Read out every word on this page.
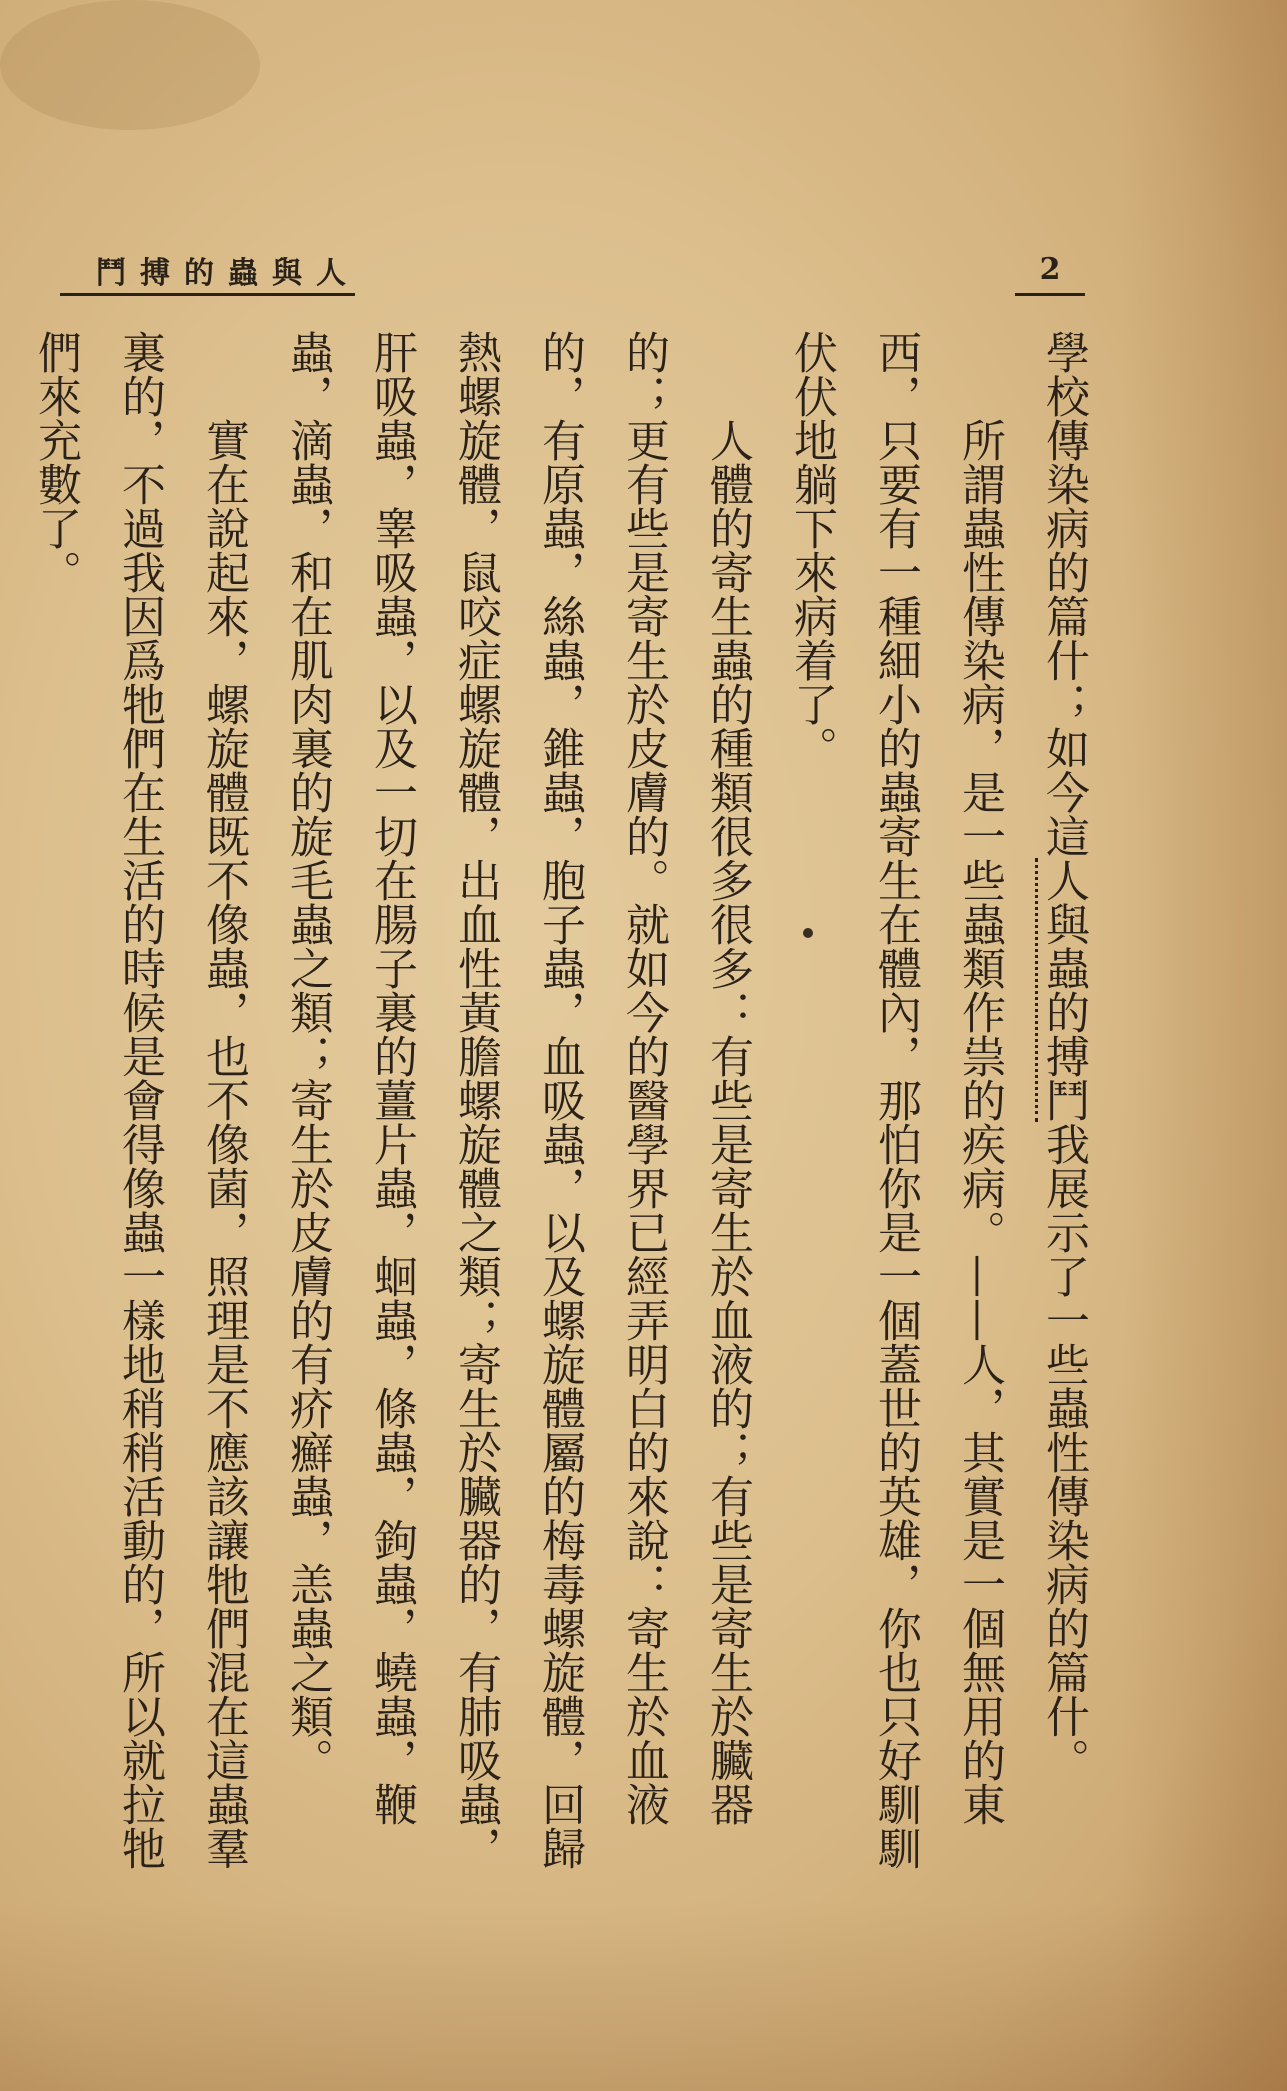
人與蟲的搏鬥	2

學校傳染病的篇什；如今這人與蟲的搏鬥我展示了一些蟲性傳染病的篇什。

所謂蟲性傳染病，是一些蟲類作祟的疾病。——人，其實是一個無用的東西，只要有一種細小的蟲寄生在體內，那怕你是一個蓋世的英雄，你也只好馴馴伏伏地躺下來病着了。

人體的寄生蟲的種類很多很多：有些是寄生於血液的；有些是寄生於臟器的；更有些是寄生於皮膚的。就如今的醫學界已經弄明白的來說：寄生於血液的，有原蟲，絲蟲，錐蟲，胞子蟲，血吸蟲，以及螺旋體屬的梅毒螺旋體，回歸熱螺旋體，鼠咬症螺旋體，出血性黃膽螺旋體之類；寄生於臟器的，有肺吸蟲，肝吸蟲，睾吸蟲，以及一切在腸子裏的薑片蟲，蛔蟲，條蟲，鉤蟲，蟯蟲，鞭蟲，滴蟲，和在肌肉裏的旋毛蟲之類；寄生於皮膚的有疥癬蟲，恙蟲之類。

實在說起來，螺旋體既不像蟲，也不像菌，照理是不應該讓牠們混在這蟲羣裏的，不過我因爲牠們在生活的時候是會得像蟲一樣地稍稍活動的，所以就拉牠們來充數了。
